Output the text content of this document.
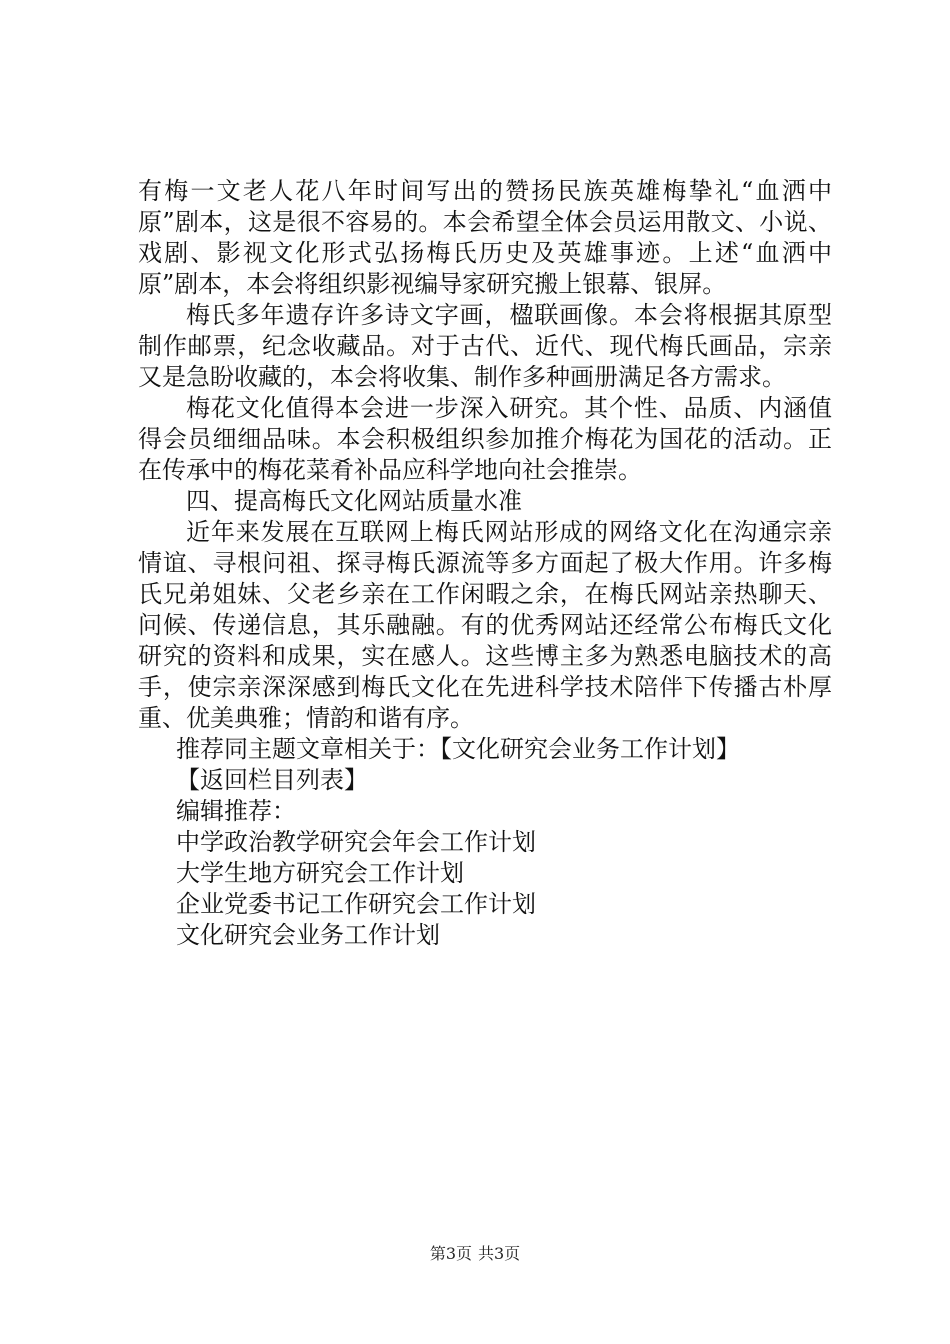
有梅一文老人花八年时间写出的赞扬民族英雄梅挚礼“血洒中原”剧本，这是很不容易的。本会希望全体会员运用散文、小说、戏剧、影视文化形式弘扬梅氏历史及英雄事迹。上述“血洒中原”剧本，本会将组织影视编导家研究搬上银幕、银屏。

梅氏多年遗存许多诗文字画，楹联画像。本会将根据其原型制作邮票，纪念收藏品。对于古代、近代、现代梅氏画品，宗亲又是急盼收藏的，本会将收集、制作多种画册满足各方需求。

梅花文化值得本会进一步深入研究。其个性、品质、内涵值得会员细细品味。本会积极组织参加推介梅花为国花的活动。正在传承中的梅花菜肴补品应科学地向社会推崇。

四、提高梅氏文化网站质量水准

近年来发展在互联网上梅氏网站形成的网络文化在沟通宗亲情谊、寻根问祖、探寻梅氏源流等多方面起了极大作用。许多梅氏兄弟姐妹、父老乡亲在工作闲暇之余，在梅氏网站亲热聊天、问候、传递信息，其乐融融。有的优秀网站还经常公布梅氏文化研究的资料和成果，实在感人。这些博主多为熟悉电脑技术的高手，使宗亲深深感到梅氏文化在先进科学技术陪伴下传播古朴厚重、优美典雅；情韵和谐有序。

推荐同主题文章相关于：【文化研究会业务工作计划】

【返回栏目列表】

编辑推荐：

中学政治教学研究会年会工作计划

大学生地方研究会工作计划

企业党委书记工作研究会工作计划

文化研究会业务工作计划

第3页 共3页
